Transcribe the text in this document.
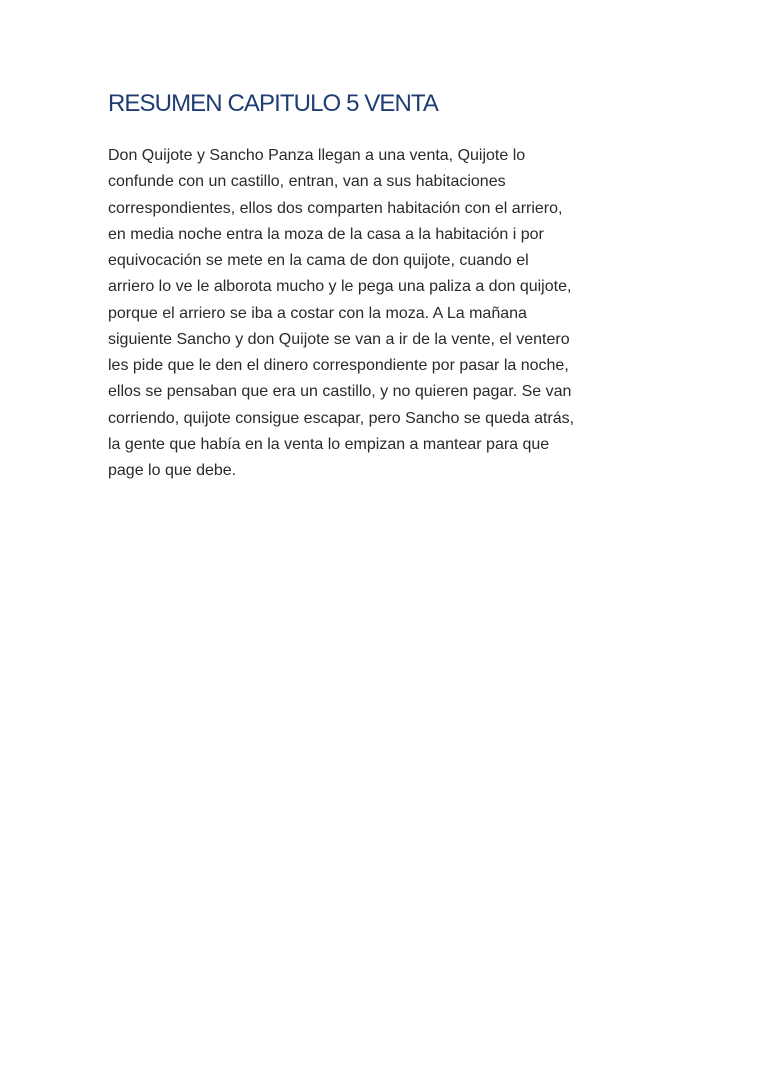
RESUMEN CAPITULO 5 VENTA
Don Quijote y Sancho Panza llegan a una venta, Quijote lo
confunde con un castillo, entran, van a sus habitaciones
correspondientes, ellos dos comparten habitación con el arriero,
en media noche entra la moza de la casa a la habitación i por
equivocación se mete en la cama de don quijote, cuando el
arriero lo ve le alborota mucho y le pega una paliza a don quijote,
porque el arriero se iba a costar con la moza. A La mañana
siguiente Sancho y don Quijote se van a ir de la vente, el ventero
les pide que le den el dinero correspondiente por pasar la noche,
ellos se pensaban que era un castillo, y no quieren pagar. Se van
corriendo, quijote consigue escapar, pero Sancho se queda atrás,
la gente que había en la venta lo empizan a mantear para que
page lo que debe.
